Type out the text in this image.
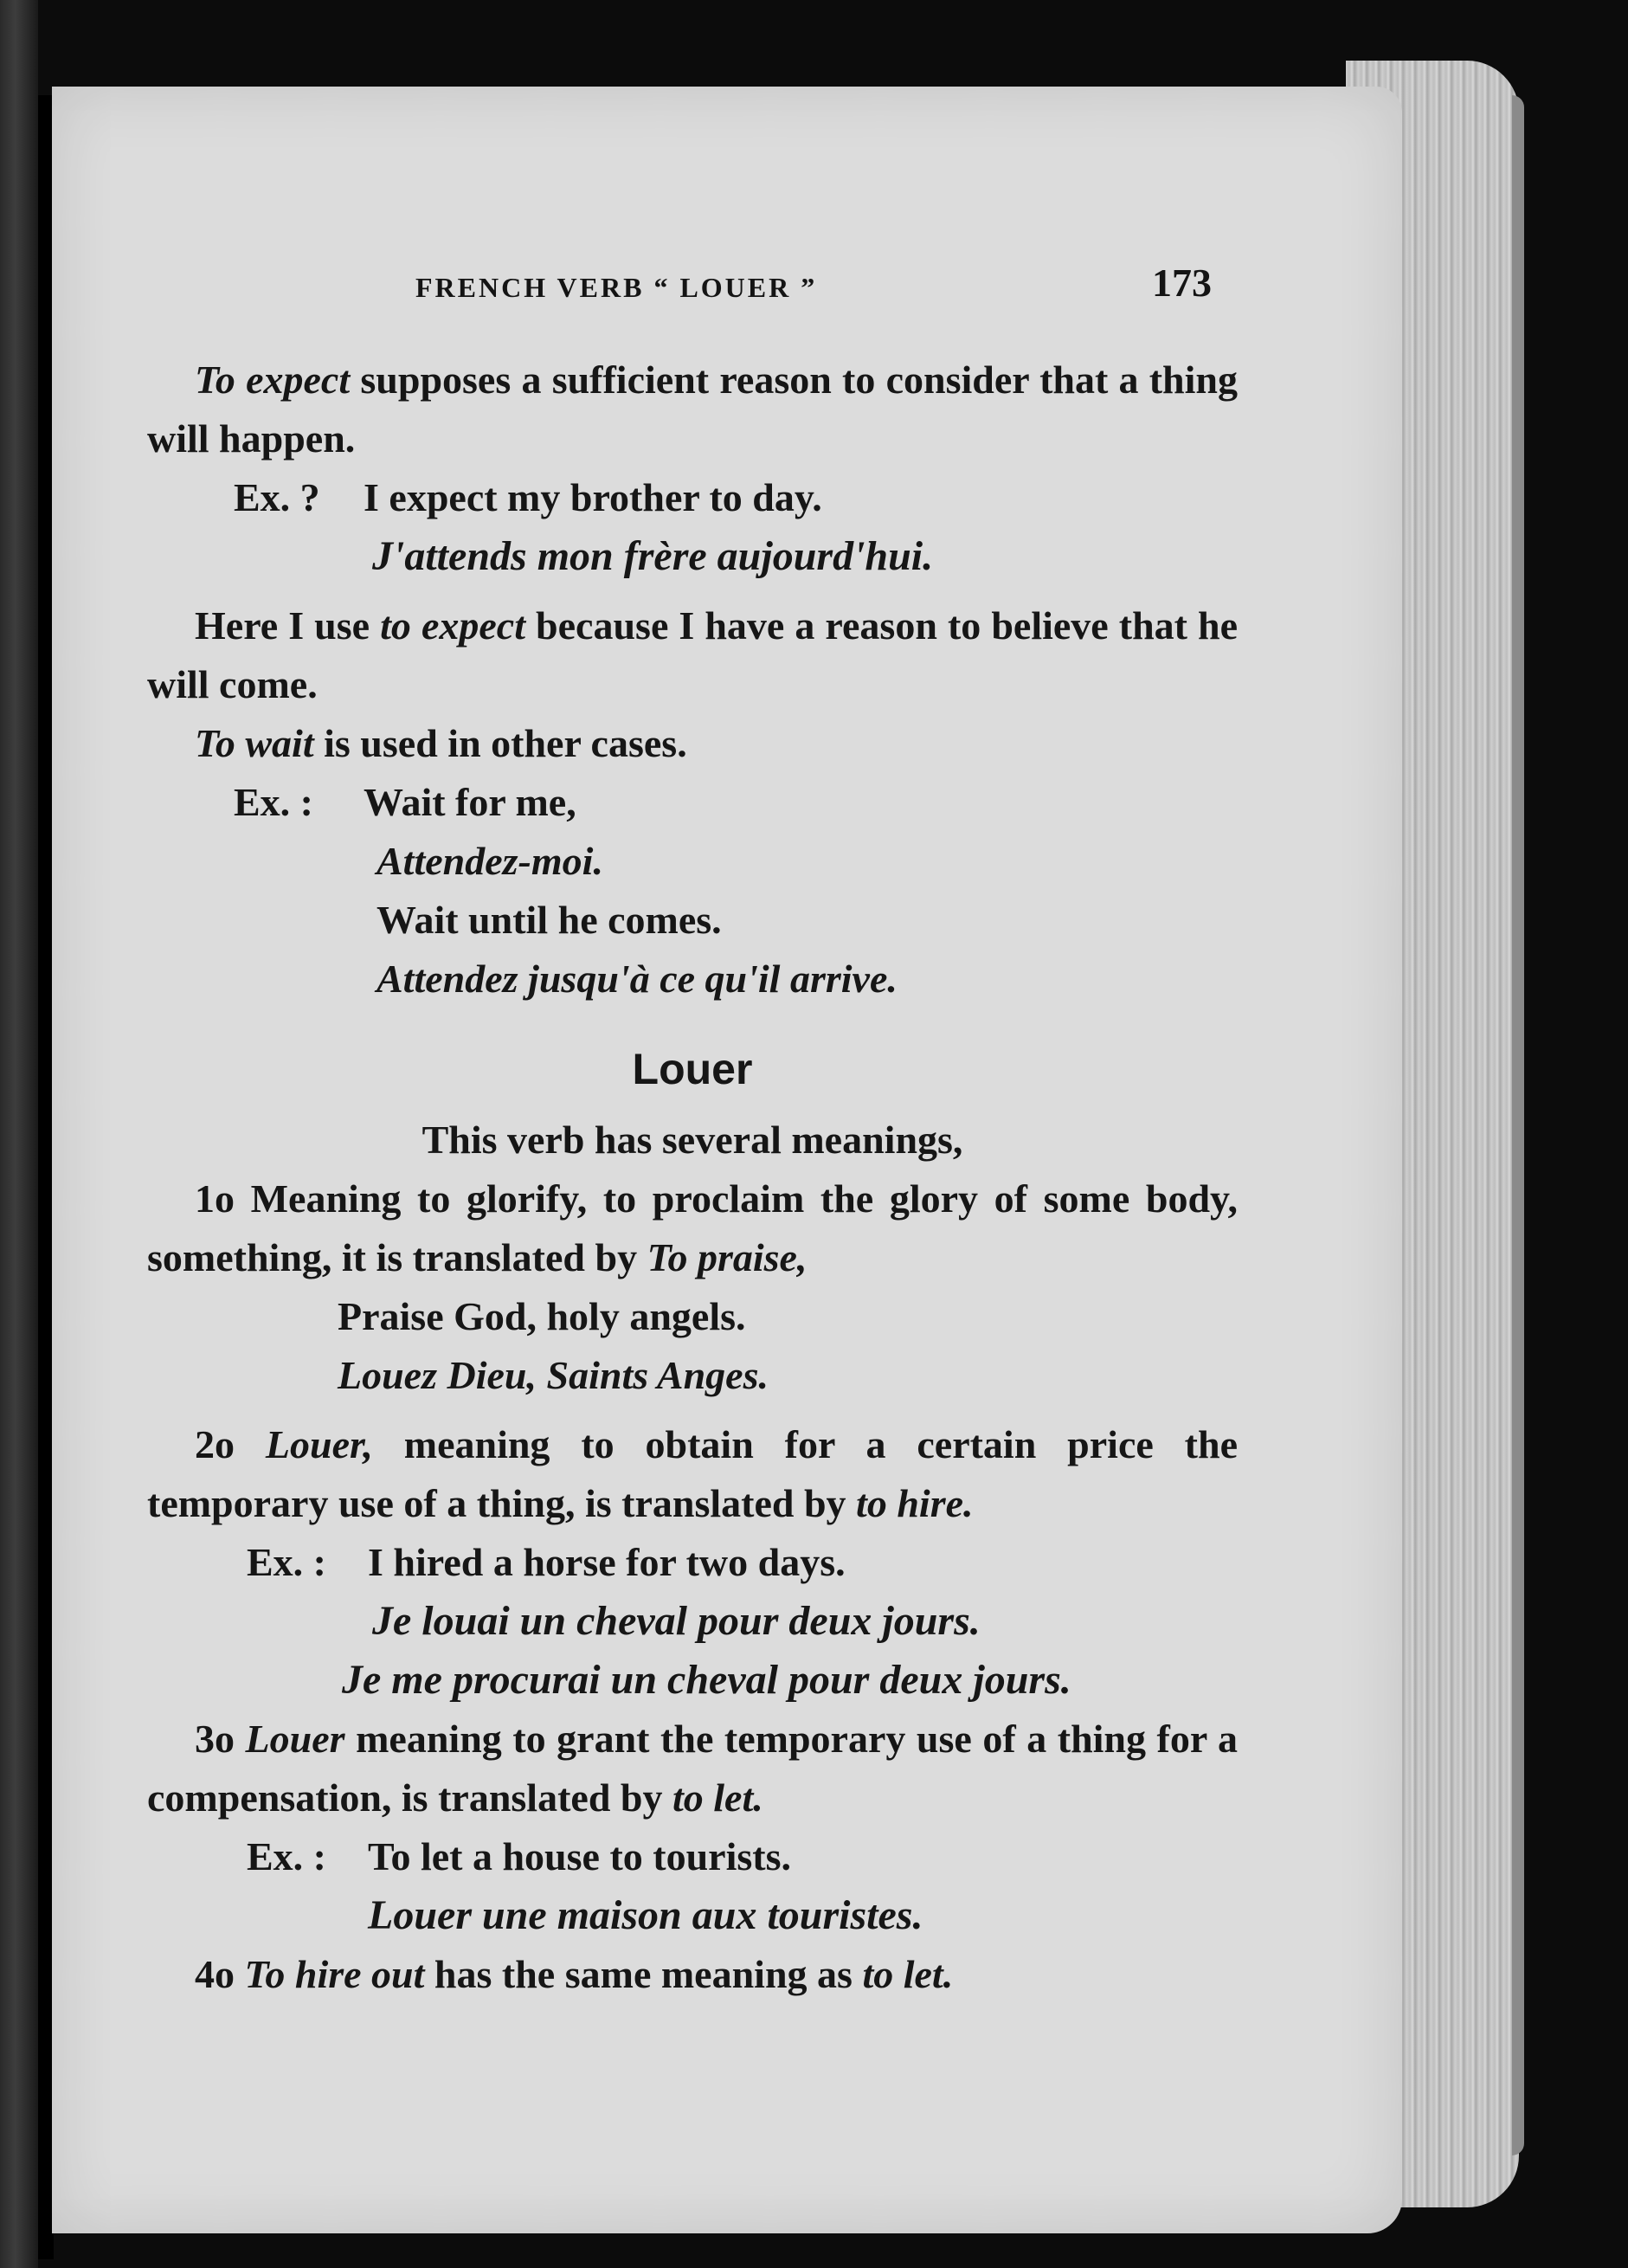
FRENCH VERB “ LOUER ”	173

To expect supposes a sufficient reason to consider that a thing will happen.

Ex. ? I expect my brother to day.

J'attends mon frère aujourd'hui.

Here I use to expect because I have a reason to believe that he will come.

To wait is used in other cases.

Ex. : Wait for me,

Attendez-moi.

Wait until he comes.

Attendez jusqu'à ce qu'il arrive.

Louer

This verb has several meanings,

1o Meaning to glorify, to proclaim the glory of some body, something, it is translated by To praise,

Praise God, holy angels.

Louez Dieu, Saints Anges.

2o Louer, meaning to obtain for a certain price the temporary use of a thing, is translated by to hire.

Ex. : I hired a horse for two days.

Je louai un cheval pour deux jours.

Je me procurai un cheval pour deux jours.

3o Louer meaning to grant the temporary use of a thing for a compensation, is translated by to let.

Ex. : To let a house to tourists.

Louer une maison aux touristes.

4o To hire out has the same meaning as to let.
